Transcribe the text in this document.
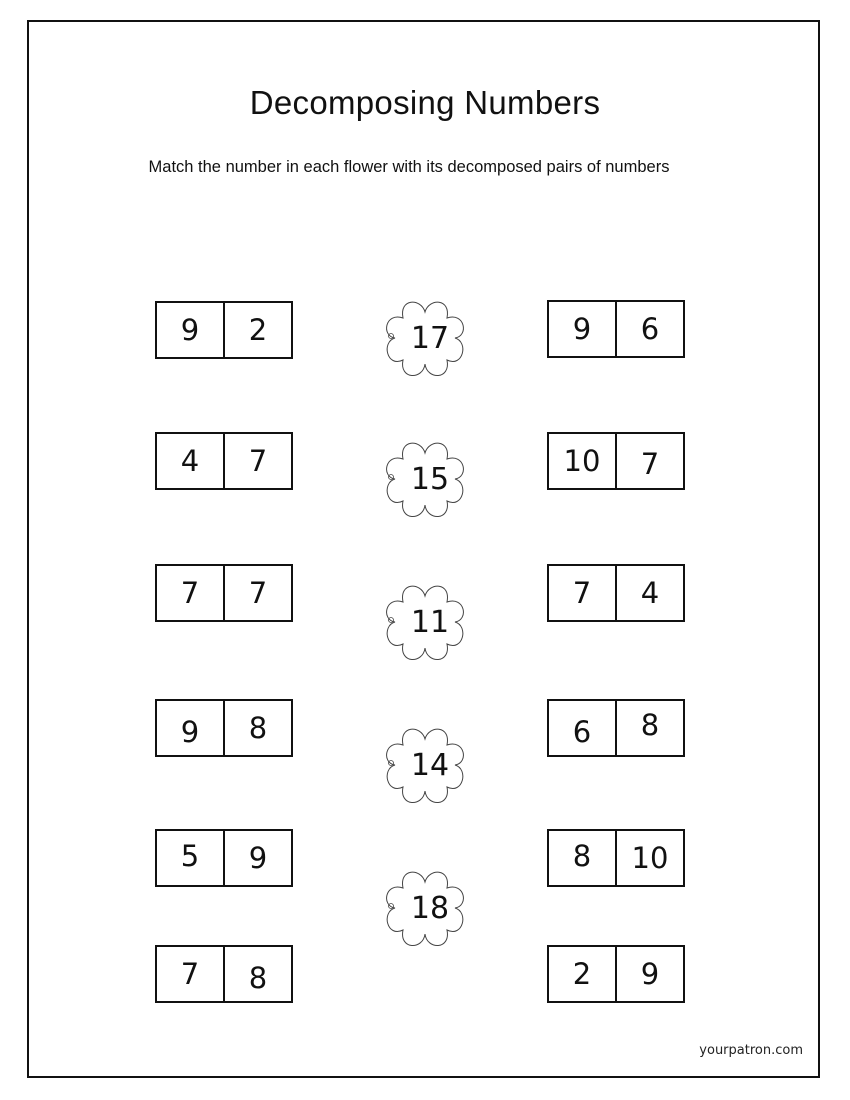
Decomposing Numbers
Match the number in each flower with its decomposed pairs of numbers
9	2
4	7
7	7
9	8
5	9
7	8
17
15
11
14
18
9	6
10	7
7	4
6	8
8	10
2	9
yourpatron.com
